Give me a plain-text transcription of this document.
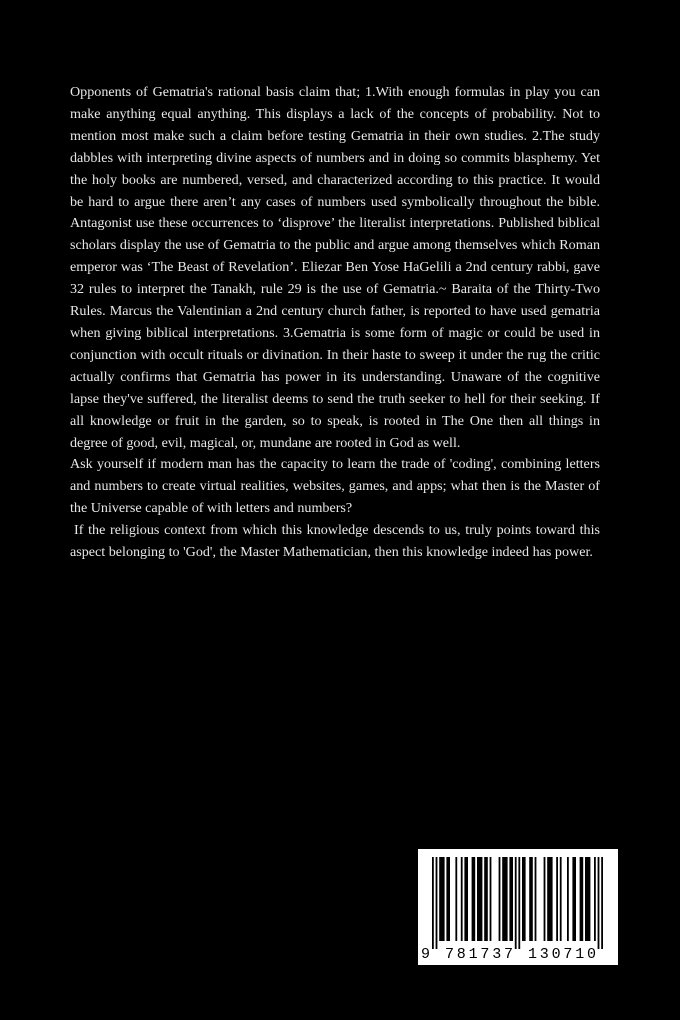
Opponents of Gematria's rational basis claim that; 1.With enough formulas in play you can make anything equal anything. This displays a lack of the concepts of probability. Not to mention most make such a claim before testing Gematria in their own studies. 2.The study dabbles with interpreting divine aspects of numbers and in doing so commits blasphemy. Yet the holy books are numbered, versed, and characterized according to this practice. It would be hard to argue there aren’t any cases of numbers used symbolically throughout the bible. Antagonist use these occurrences to ‘disprove’ the literalist interpretations. Published biblical scholars display the use of Gematria to the public and argue among themselves which Roman emperor was ‘The Beast of Revelation’. Eliezar Ben Yose HaGelili a 2nd century rabbi, gave 32 rules to interpret the Tanakh, rule 29 is the use of Gematria.~ Baraita of the Thirty-Two Rules. Marcus the Valentinian a 2nd century church father, is reported to have used gematria when giving biblical interpretations. 3.Gematria is some form of magic or could be used in conjunction with occult rituals or divination. In their haste to sweep it under the rug the critic actually confirms that Gematria has power in its understanding. Unaware of the cognitive lapse they've suffered, the literalist deems to send the truth seeker to hell for their seeking. If all knowledge or fruit in the garden, so to speak, is rooted in The One then all things in degree of good, evil, magical, or, mundane are rooted in God as well.

Ask yourself if modern man has the capacity to learn the trade of 'coding', combining letters and numbers to create virtual realities, websites, games, and apps; what then is the Master of the Universe capable of with letters and numbers?

If the religious context from which this knowledge descends to us, truly points toward this aspect belonging to 'God', the Master Mathematician, then this knowledge indeed has power.

9 781737 130710
